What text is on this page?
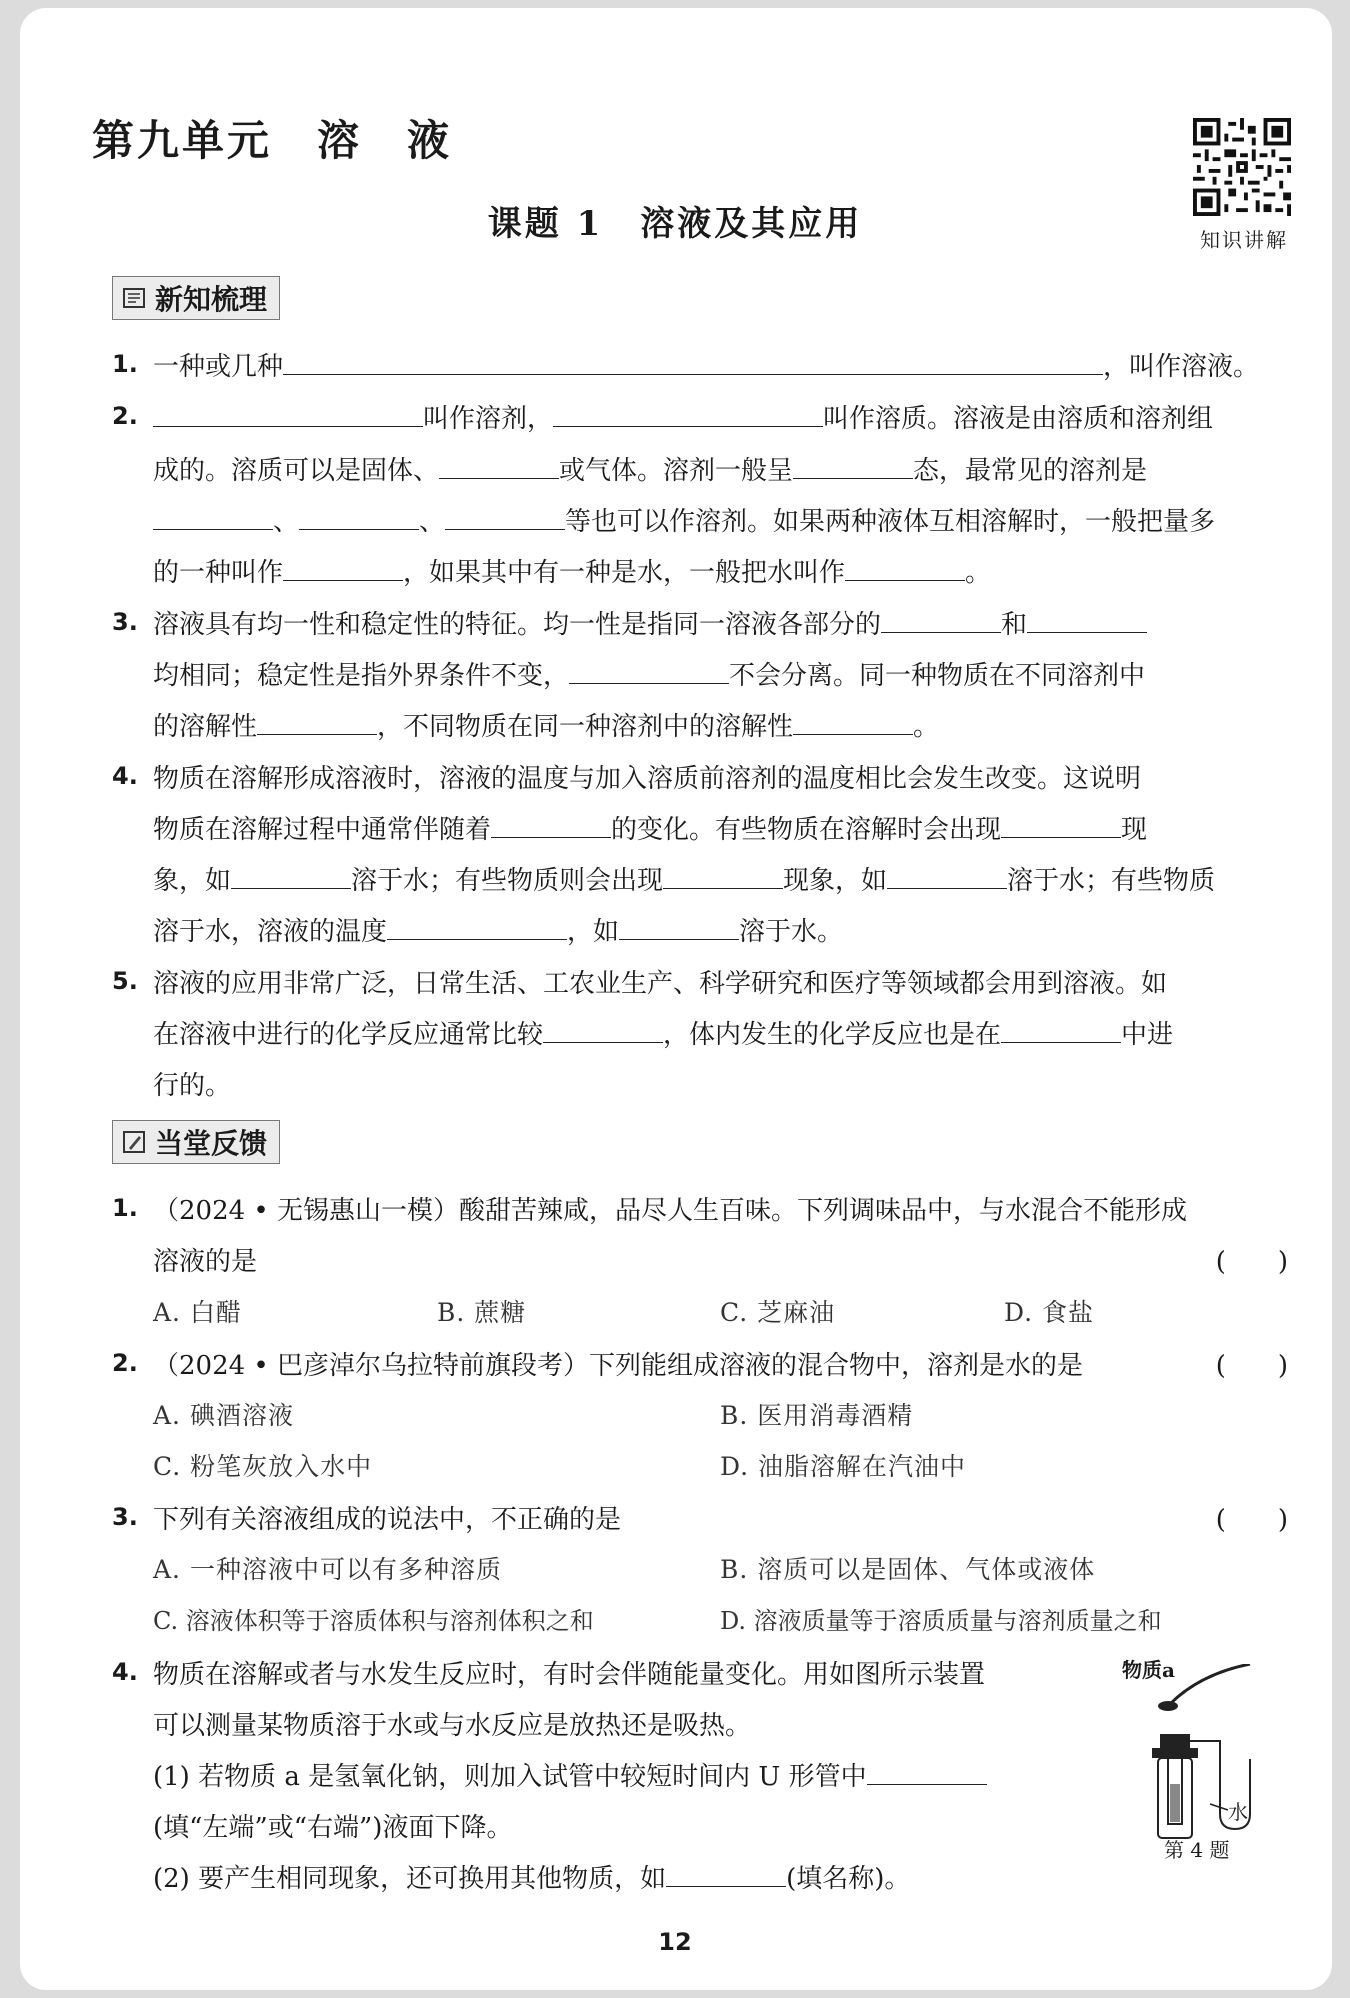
第九单元　溶　液
课题 1　溶液及其应用	知识讲解
新知梳理
1. 一种或几种	，叫作溶液。
2.	叫作溶剂，	叫作溶质。溶液是由溶质和溶剂组
成的。溶质可以是固体、	或气体。溶剂一般呈	态，最常见的溶剂是
、	、	等也可以作溶剂。如果两种液体互相溶解时，一般把量多
的一种叫作	，如果其中有一种是水，一般把水叫作	。
3. 溶液具有均一性和稳定性的特征。均一性是指同一溶液各部分的	和
均相同；稳定性是指外界条件不变，	不会分离。同一种物质在不同溶剂中
的溶解性	，不同物质在同一种溶剂中的溶解性	。
4. 物质在溶解形成溶液时，溶液的温度与加入溶质前溶剂的温度相比会发生改变。这说明
物质在溶解过程中通常伴随着	的变化。有些物质在溶解时会出现	现
象，如	溶于水；有些物质则会出现	现象，如	溶于水；有些物质
溶于水，溶液的温度	，如	溶于水。
5. 溶液的应用非常广泛，日常生活、工农业生产、科学研究和医疗等领域都会用到溶液。如
在溶液中进行的化学反应通常比较	，体内发生的化学反应也是在	中进
行的。
当堂反馈
1. （2024 • 无锡惠山一模）酸甜苦辣咸，品尽人生百味。下列调味品中，与水混合不能形成
溶液的是	(　　)
A. 白醋	B. 蔗糖	C. 芝麻油	D. 食盐
2. （2024 • 巴彦淖尔乌拉特前旗段考）下列能组成溶液的混合物中，溶剂是水的是	(　　)
A. 碘酒溶液	B. 医用消毒酒精
C. 粉笔灰放入水中	D. 油脂溶解在汽油中
3. 下列有关溶液组成的说法中，不正确的是	(　　)
A. 一种溶液中可以有多种溶质	B. 溶质可以是固体、气体或液体
C. 溶液体积等于溶质体积与溶剂体积之和	D. 溶液质量等于溶质质量与溶剂质量之和
4. 物质在溶解或者与水发生反应时，有时会伴随能量变化。用如图所示装置
可以测量某物质溶于水或与水反应是放热还是吸热。
(1) 若物质 a 是氢氧化钠，则加入试管中较短时间内 U 形管中
(填“左端”或“右端”)液面下降。
(2) 要产生相同现象，还可换用其他物质，如	(填名称)。
物质a
水
第 4 题
12
